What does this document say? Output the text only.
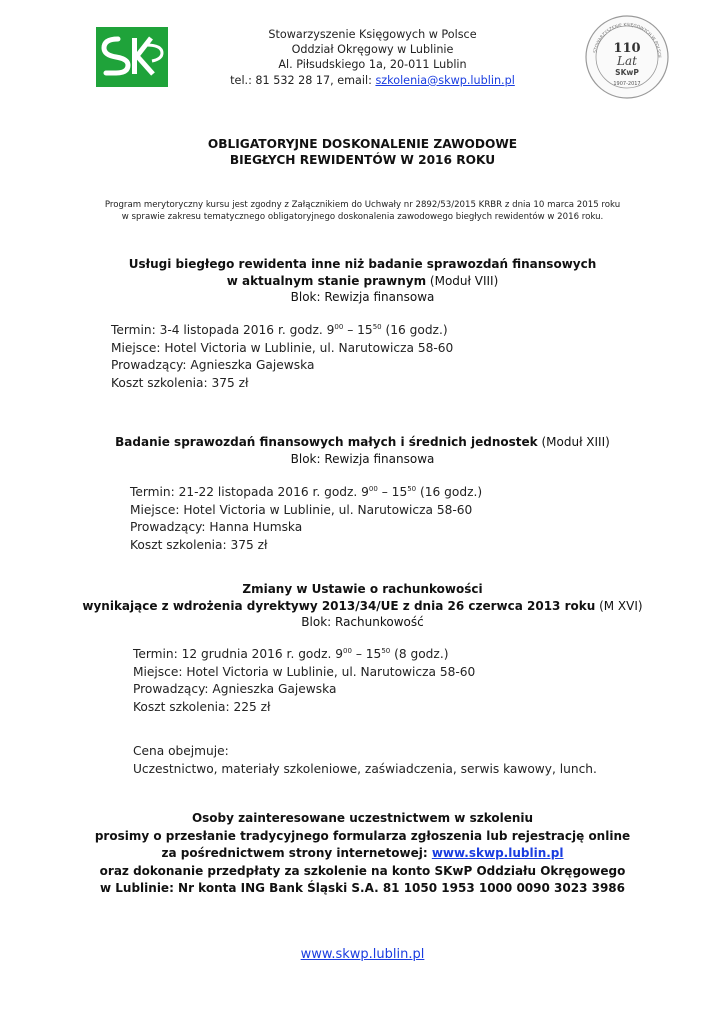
Stowarzyszenie Księgowych w Polsce
Oddział Okręgowy w Lublinie
Al. Piłsudskiego 1a, 20-011 Lublin
tel.: 81 532 28 17, email: szkolenia@skwp.lublin.pl
STOWARZYSZENIE KSIĘGOWYCH W POLSCE
110
Lat
SKwP
1907-2017
OBLIGATORYJNE DOSKONALENIE ZAWODOWE
BIEGŁYCH REWIDENTÓW W 2016 ROKU
Program merytoryczny kursu jest zgodny z Załącznikiem do Uchwały nr 2892/53/2015 KRBR z dnia 10 marca 2015 roku
w sprawie zakresu tematycznego obligatoryjnego doskonalenia zawodowego biegłych rewidentów w 2016 roku.
Usługi biegłego rewidenta inne niż badanie sprawozdań finansowych
w aktualnym stanie prawnym (Moduł VIII)
Blok: Rewizja finansowa
Termin: 3-4 listopada 2016 r. godz. $9^{00} - 15^{50}$ (16 godz.)
Miejsce: Hotel Victoria w Lublinie, ul. Narutowicza 58-60
Prowadzący: Agnieszka Gajewska
Koszt szkolenia: 375 zł
Badanie sprawozdań finansowych małych i średnich jednostek (Moduł XIII)
Blok: Rewizja finansowa
Termin: 21-22 listopada 2016 r. godz. $9^{00} - 15^{50}$ (16 godz.)
Miejsce: Hotel Victoria w Lublinie, ul. Narutowicza 58-60
Prowadzący: Hanna Humska
Koszt szkolenia: 375 zł
Zmiany w Ustawie o rachunkowości
wynikające z wdrożenia dyrektywy 2013/34/UE z dnia 26 czerwca 2013 roku (M XVI)
Blok: Rachunkowość
Termin: 12 grudnia 2016 r. godz. $9^{00} - 15^{50}$ (8 godz.)
Miejsce: Hotel Victoria w Lublinie, ul. Narutowicza 58-60
Prowadzący: Agnieszka Gajewska
Koszt szkolenia: 225 zł
Cena obejmuje:
Uczestnictwo, materiały szkoleniowe, zaświadczenia, serwis kawowy, lunch.
Osoby zainteresowane uczestnictwem w szkoleniu
prosimy o przesłanie tradycyjnego formularza zgłoszenia lub rejestrację online
za pośrednictwem strony internetowej: www.skwp.lublin.pl
oraz dokonanie przedpłaty za szkolenie na konto SKwP Oddziału Okręgowego
w Lublinie: Nr konta ING Bank Śląski S.A. 81 1050 1953 1000 0090 3023 3986
www.skwp.lublin.pl
